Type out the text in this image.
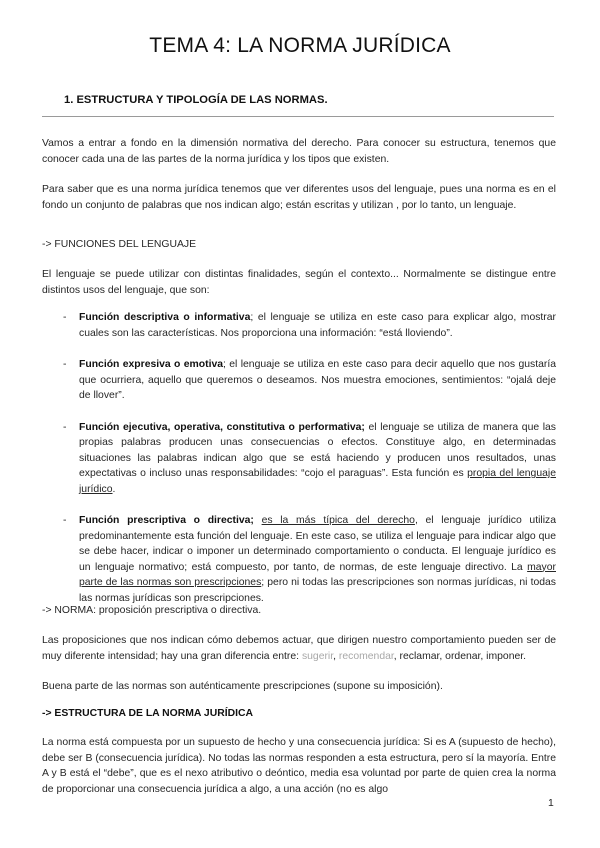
TEMA 4: LA NORMA JURÍDICA
1. ESTRUCTURA Y TIPOLOGÍA DE LAS NORMAS.
Vamos a entrar a fondo en la dimensión normativa del derecho. Para conocer su estructura, tenemos que conocer cada una de las partes de la norma jurídica y los tipos que existen.
Para saber que es una norma jurídica tenemos que ver diferentes usos del lenguaje, pues una norma es en el fondo un conjunto de palabras que nos indican algo; están escritas y utilizan , por lo tanto, un lenguaje.
-> FUNCIONES DEL LENGUAJE
El lenguaje se puede utilizar con distintas finalidades, según el contexto... Normalmente se distingue entre distintos usos del lenguaje, que son:
- Función descriptiva o informativa; el lenguaje se utiliza en este caso para explicar algo, mostrar cuales son las características. Nos proporciona una información: “está lloviendo”.
- Función expresiva o emotiva; el lenguaje se utiliza en este caso para decir aquello que nos gustaría que ocurriera, aquello que queremos o deseamos. Nos muestra emociones, sentimientos: “ojalá deje de llover”.
- Función ejecutiva, operativa, constitutiva o performativa; el lenguaje se utiliza de manera que las propias palabras producen unas consecuencias o efectos. Constituye algo, en determinadas situaciones las palabras indican algo que se está haciendo y producen unos resultados, unas expectativas o incluso unas responsabilidades: “cojo el paraguas”. Esta función es propia del lenguaje jurídico.
- Función prescriptiva o directiva; es la más típica del derecho, el lenguaje jurídico utiliza predominantemente esta función del lenguaje. En este caso, se utiliza el lenguaje para indicar algo que se debe hacer, indicar o imponer un determinado comportamiento o conducta. El lenguaje jurídico es un lenguaje normativo; está compuesto, por tanto, de normas, de este lenguaje directivo. La mayor parte de las normas son prescripciones; pero ni todas las prescripciones son normas jurídicas, ni todas las normas jurídicas son prescripciones.
-> NORMA: proposición prescriptiva o directiva.
Las proposiciones que nos indican cómo debemos actuar, que dirigen nuestro comportamiento pueden ser de muy diferente intensidad; hay una gran diferencia entre: sugerir, recomendar, reclamar, ordenar, imponer.
Buena parte de las normas son auténticamente prescripciones (supone su imposición).
-> ESTRUCTURA DE LA NORMA JURÍDICA
La norma está compuesta por un supuesto de hecho y una consecuencia jurídica: Si es A (supuesto de hecho), debe ser B (consecuencia jurídica). No todas las normas responden a esta estructura, pero sí la mayoría. Entre A y B está el “debe”, que es el nexo atributivo o deóntico, media esa voluntad por parte de quien crea la norma de proporcionar una consecuencia jurídica a algo, a una acción (no es algo
1
